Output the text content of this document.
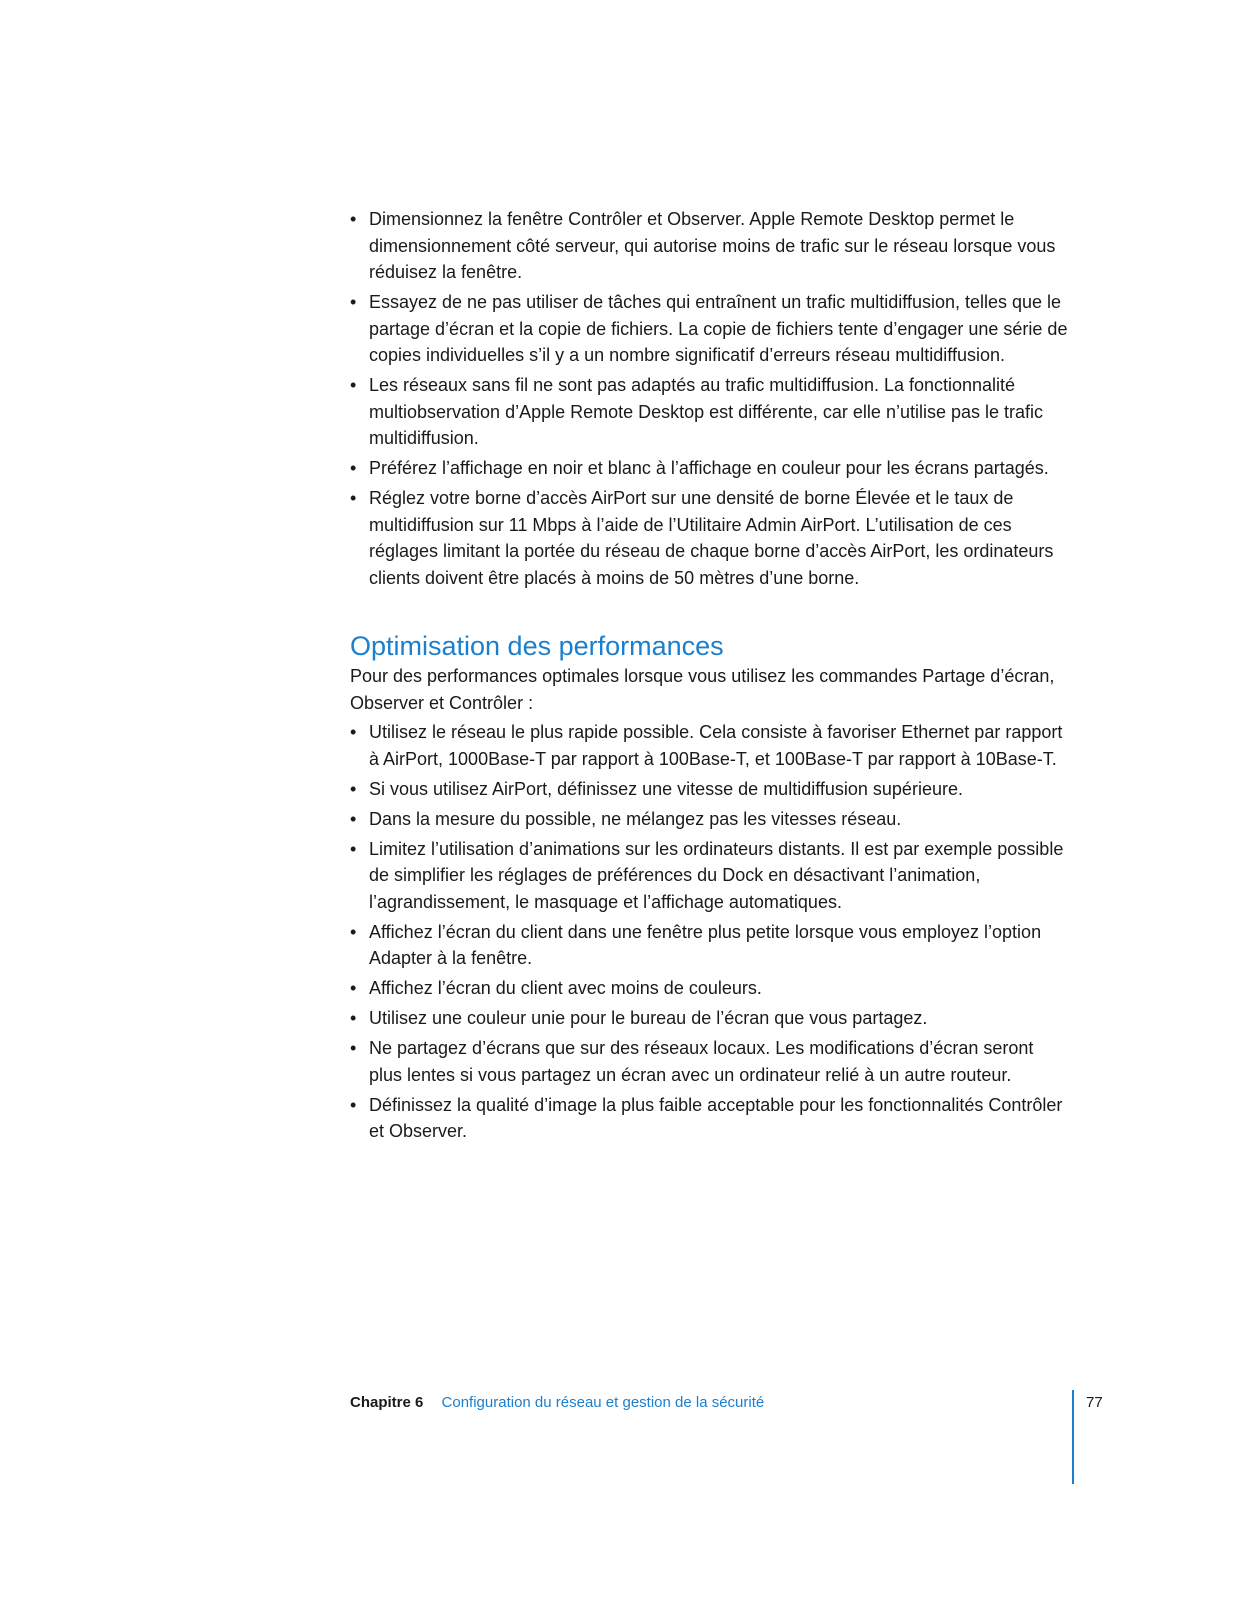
• Dimensionnez la fenêtre Contrôler et Observer. Apple Remote Desktop permet le dimensionnement côté serveur, qui autorise moins de trafic sur le réseau lorsque vous réduisez la fenêtre.
• Essayez de ne pas utiliser de tâches qui entraînent un trafic multidiffusion, telles que le partage d’écran et la copie de fichiers. La copie de fichiers tente d’engager une série de copies individuelles s’il y a un nombre significatif d’erreurs réseau multidiffusion.
• Les réseaux sans fil ne sont pas adaptés au trafic multidiffusion. La fonctionnalité multiobservation d’Apple Remote Desktop est différente, car elle n’utilise pas le trafic multidiffusion.
• Préférez l’affichage en noir et blanc à l’affichage en couleur pour les écrans partagés.
• Réglez votre borne d’accès AirPort sur une densité de borne Élevée et le taux de multidiffusion sur 11 Mbps à l’aide de l’Utilitaire Admin AirPort. L’utilisation de ces réglages limitant la portée du réseau de chaque borne d’accès AirPort, les ordinateurs clients doivent être placés à moins de 50 mètres d’une borne.
Optimisation des performances

Pour des performances optimales lorsque vous utilisez les commandes Partage d’écran, Observer et Contrôler :

• Utilisez le réseau le plus rapide possible. Cela consiste à favoriser Ethernet par rapport à AirPort, 1000Base-T par rapport à 100Base-T, et 100Base-T par rapport à 10Base-T.
• Si vous utilisez AirPort, définissez une vitesse de multidiffusion supérieure.
• Dans la mesure du possible, ne mélangez pas les vitesses réseau.
• Limitez l’utilisation d’animations sur les ordinateurs distants. Il est par exemple possible de simplifier les réglages de préférences du Dock en désactivant l’animation, l’agrandissement, le masquage et l’affichage automatiques.
• Affichez l’écran du client dans une fenêtre plus petite lorsque vous employez l’option Adapter à la fenêtre.
• Affichez l’écran du client avec moins de couleurs.
• Utilisez une couleur unie pour le bureau de l’écran que vous partagez.
• Ne partagez d’écrans que sur des réseaux locaux. Les modifications d’écran seront plus lentes si vous partagez un écran avec un ordinateur relié à un autre routeur.
• Définissez la qualité d’image la plus faible acceptable pour les fonctionnalités Contrôler et Observer.
Chapitre 6 Configuration du réseau et gestion de la sécurité	77
